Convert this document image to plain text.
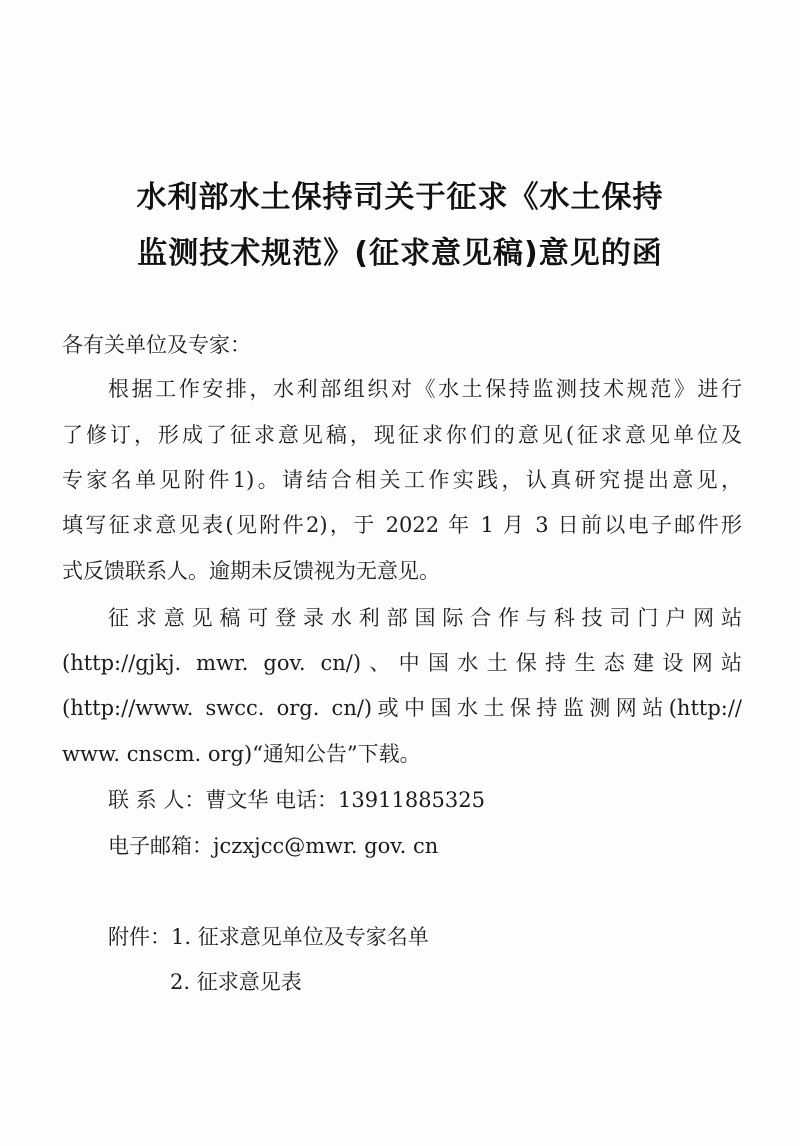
水利部水土保持司关于征求《水土保持
监测技术规范》(征求意见稿)意见的函
各有关单位及专家：
根据工作安排，水利部组织对《水土保持监测技术规范》进行
了修订，形成了征求意见稿，现征求你们的意见(征求意见单位及
专家名单见附件1)。请结合相关工作实践，认真研究提出意见，
填写征求意见表(见附件2)，于 2022 年 1 月 3 日前以电子邮件形
式反馈联系人。逾期未反馈视为无意见。
征求意见稿可登录水利部国际合作与科技司门户网站
(http://gjkj. mwr. gov. cn/)、中国水土保持生态建设网站
(http://www. swcc. org. cn/)或中国水土保持监测网站(http://
www. cnscm. org)“通知公告”下载。
联 系 人：曹文华 电话：13911885325
电子邮箱：jczxjcc@mwr. gov. cn
附件：1. 征求意见单位及专家名单
2. 征求意见表
